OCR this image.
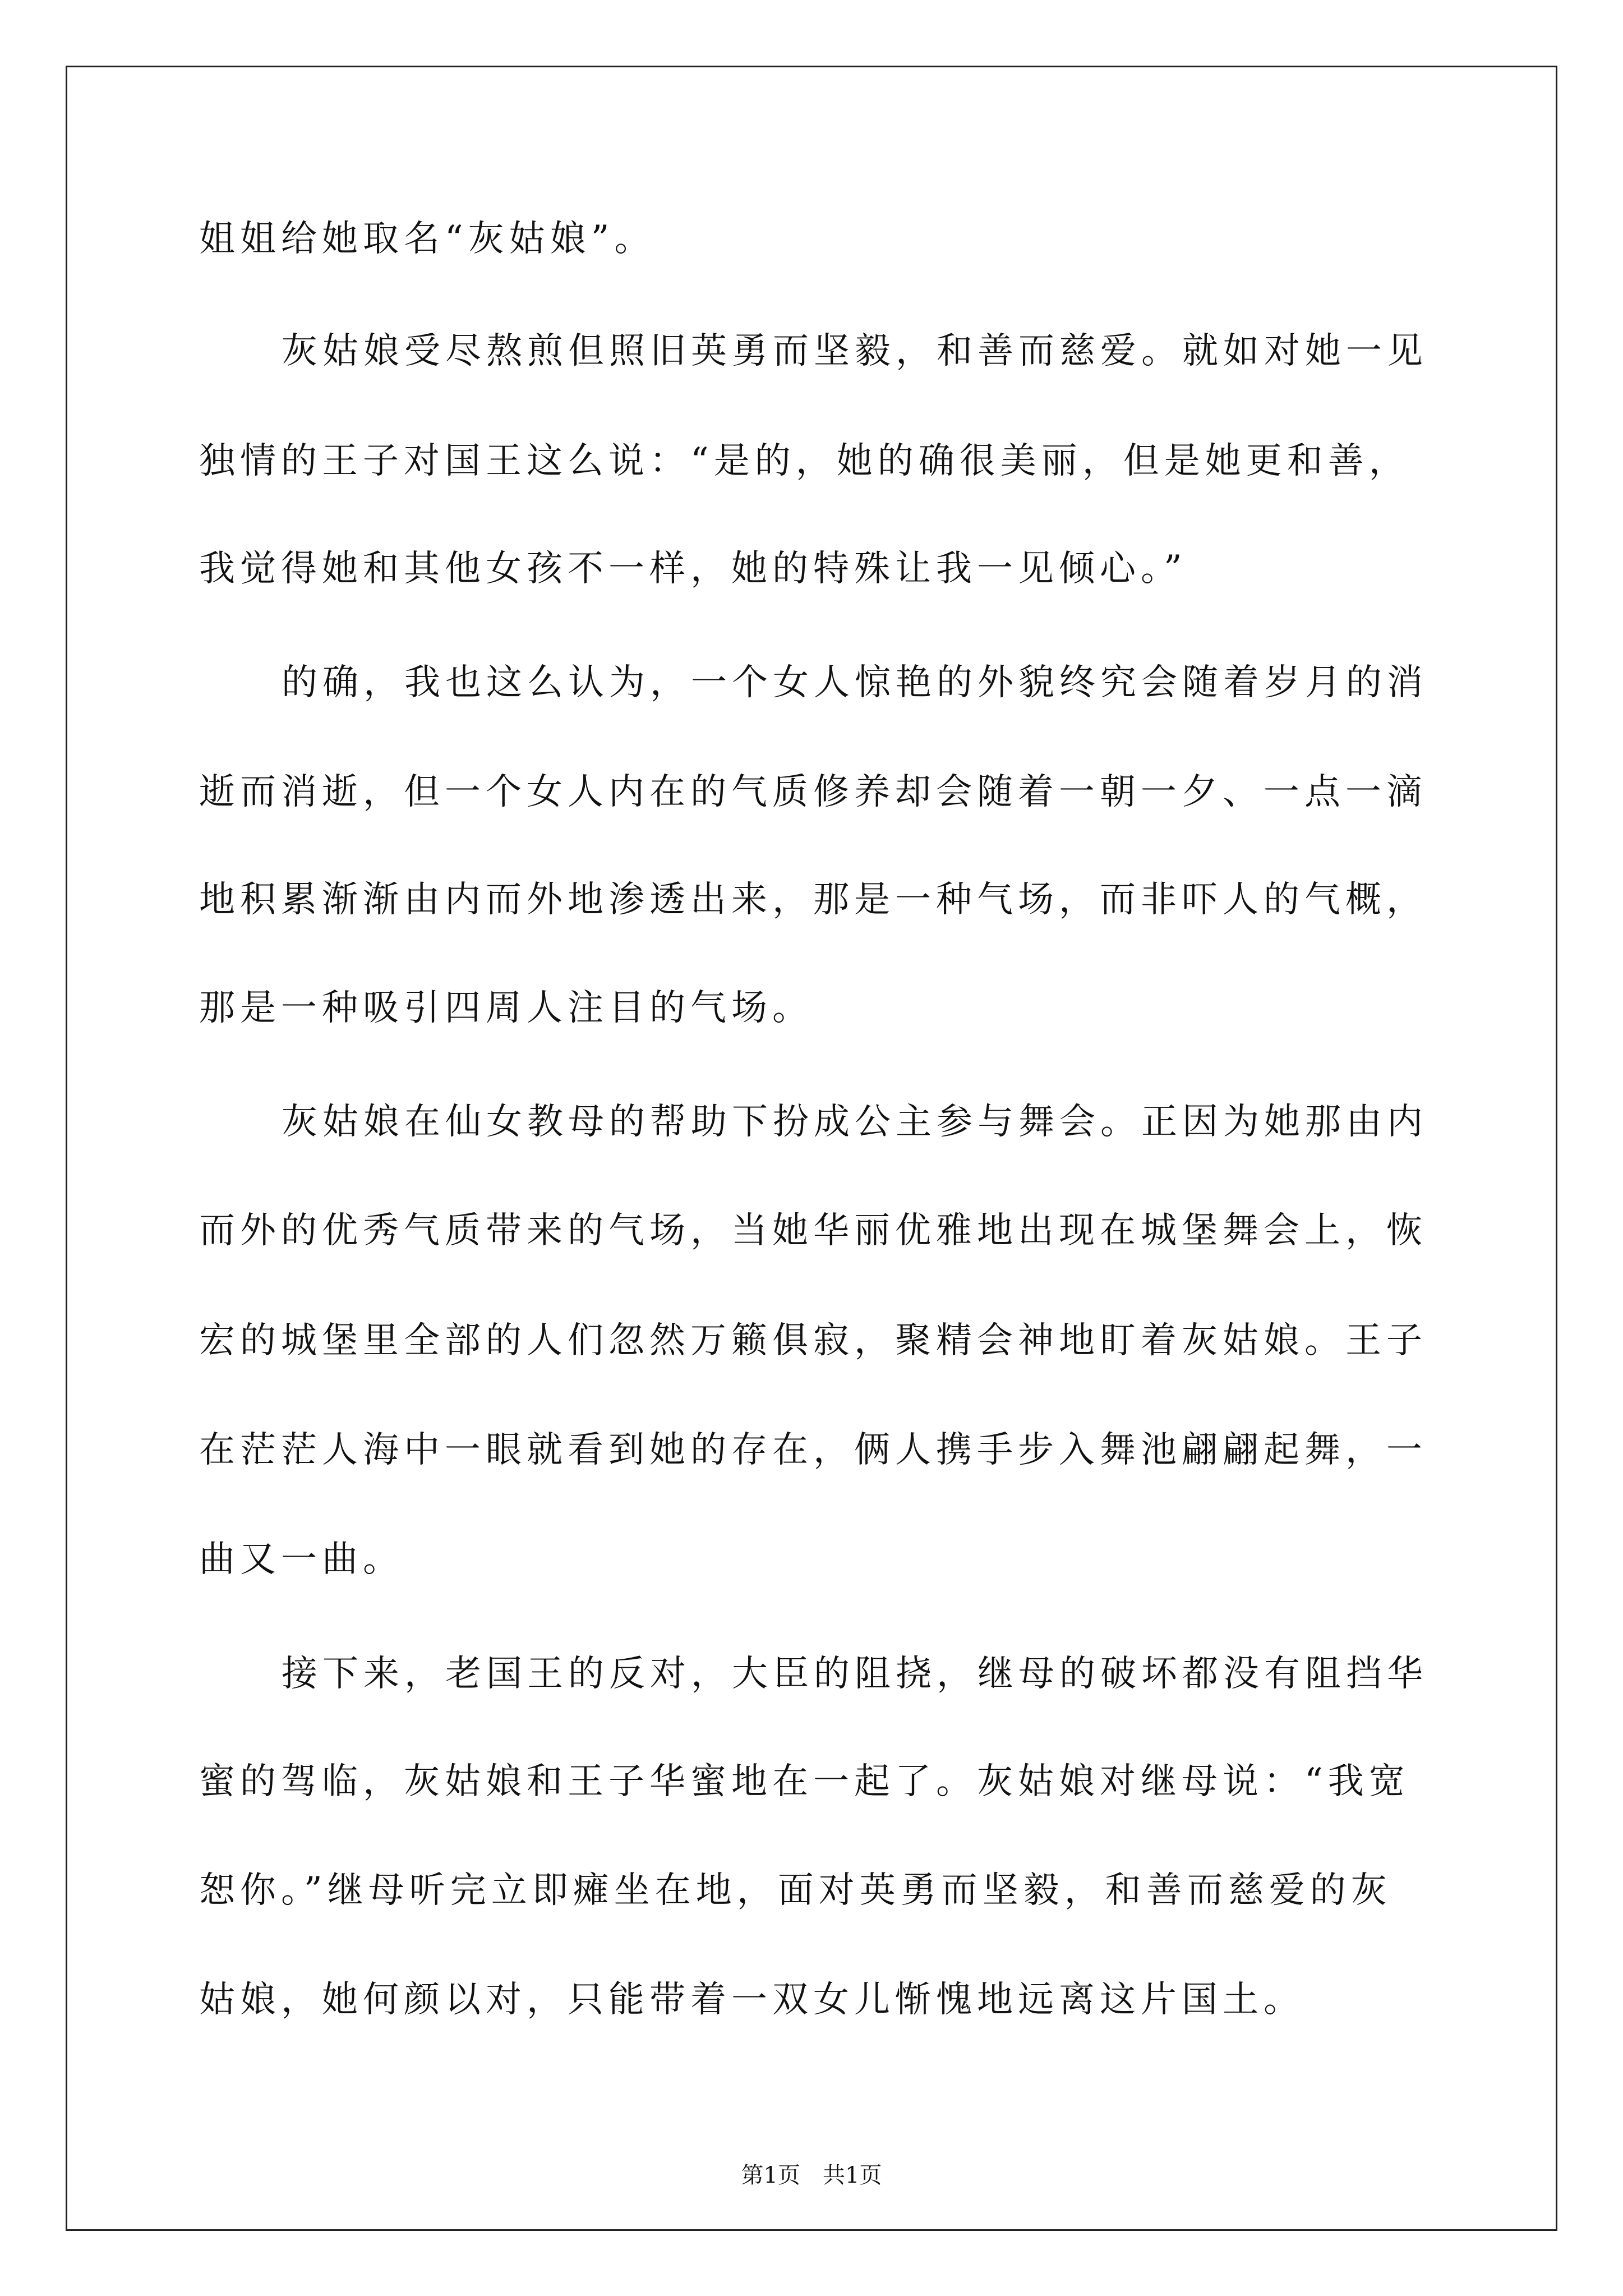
姐姐给她取名“灰姑娘”。
灰姑娘受尽熬煎但照旧英勇而坚毅，和善而慈爱。就如对她一见
独情的王子对国王这么说：“是的，她的确很美丽，但是她更和善，
我觉得她和其他女孩不一样，她的特殊让我一见倾心。”
的确，我也这么认为，一个女人惊艳的外貌终究会随着岁月的消
逝而消逝，但一个女人内在的气质修养却会随着一朝一夕、一点一滴
地积累渐渐由内而外地渗透出来，那是一种气场，而非吓人的气概，
那是一种吸引四周人注目的气场。
灰姑娘在仙女教母的帮助下扮成公主参与舞会。正因为她那由内
而外的优秀气质带来的气场，当她华丽优雅地出现在城堡舞会上，恢
宏的城堡里全部的人们忽然万籁俱寂，聚精会神地盯着灰姑娘。王子
在茫茫人海中一眼就看到她的存在，俩人携手步入舞池翩翩起舞，一
曲又一曲。
接下来，老国王的反对，大臣的阻挠，继母的破坏都没有阻挡华
蜜的驾临，灰姑娘和王子华蜜地在一起了。灰姑娘对继母说：“我宽
恕你。”继母听完立即瘫坐在地，面对英勇而坚毅，和善而慈爱的灰
姑娘，她何颜以对，只能带着一双女儿惭愧地远离这片国土。
第1页　共1页
